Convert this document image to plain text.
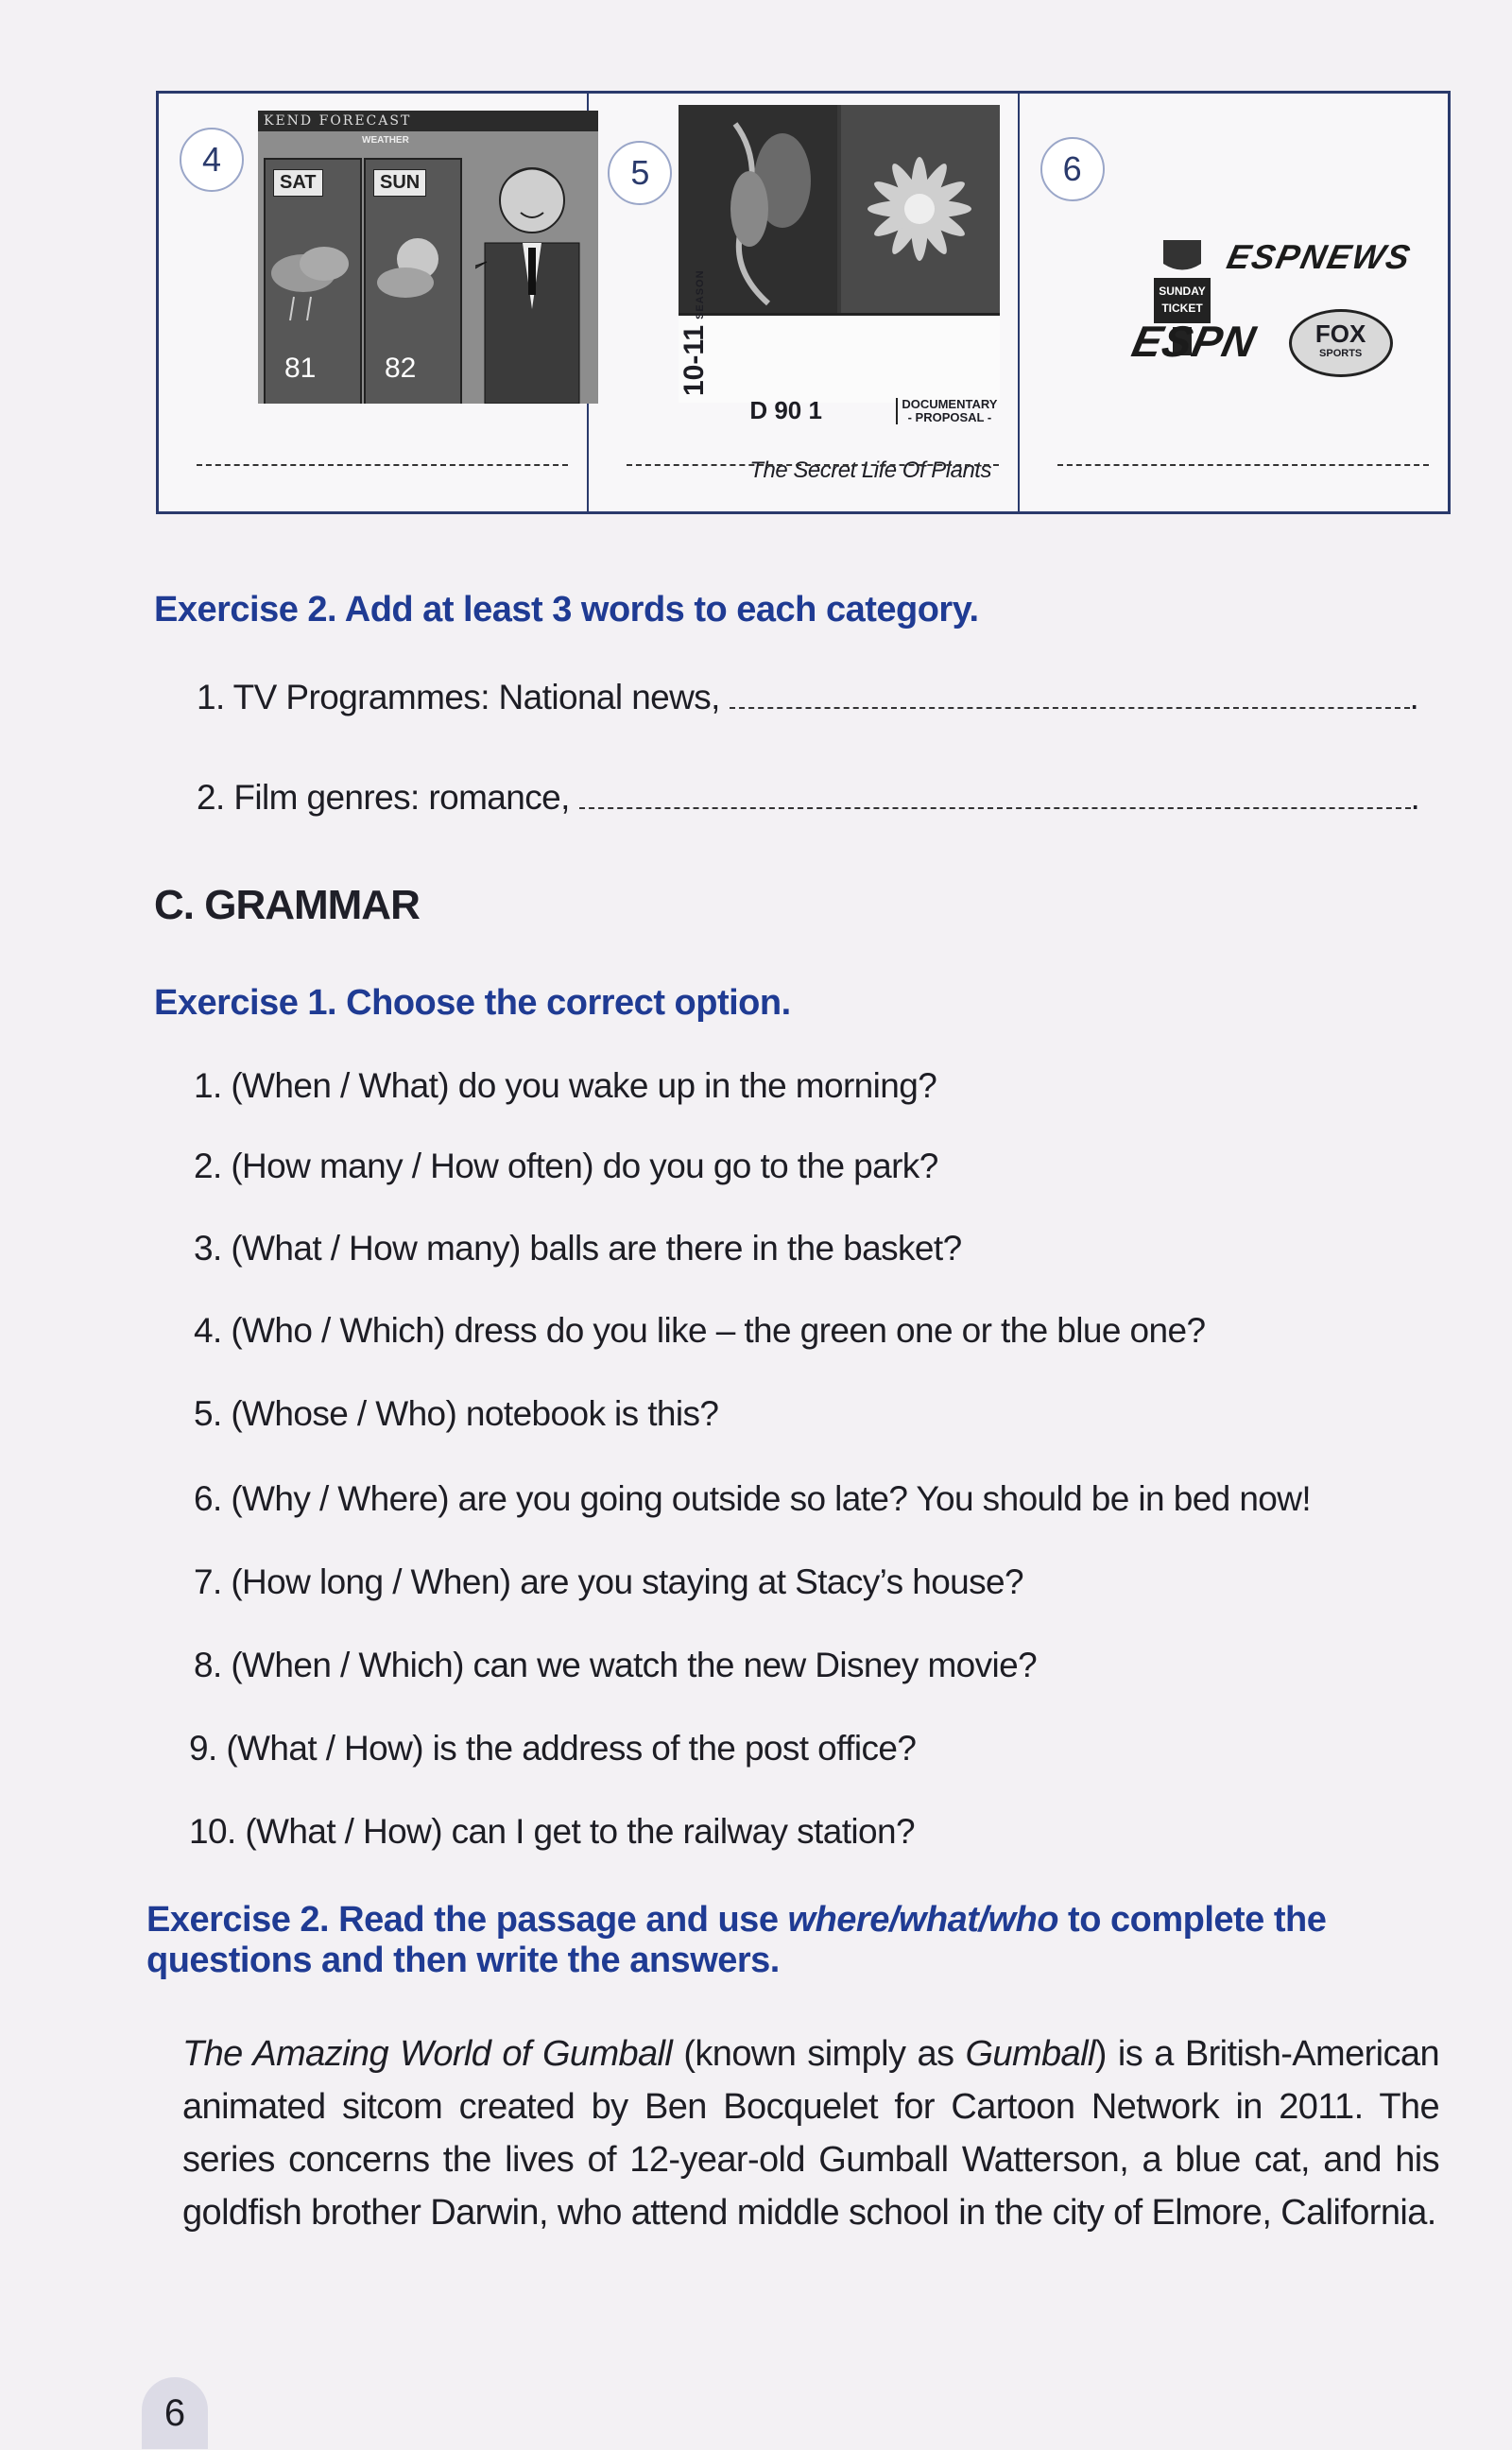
4
KEND FORECAST
WEATHER
SAT
81
SUN
82
5
10-11SEASON
D 90 1	DOCUMENTARY
- PROPOSAL -
The Secret Life Of Plants
6
SUNDAY
TICKET
ESPNEWS
ESPN	FOX
SPORTS
Exercise 2. Add at least 3 words to each category.
1. TV Programmes: National news,	.
2. Film genres: romance,	.
C. GRAMMAR
Exercise 1. Choose the correct option.
1. (When / What) do you wake up in the morning?
2. (How many / How often) do you go to the park?
3. (What / How many) balls are there in the basket?
4. (Who / Which) dress do you like – the green one or the blue one?
5. (Whose / Who) notebook is this?
6. (Why / Where) are you going outside so late? You should be in bed now!
7. (How long / When) are you staying at Stacy’s house?
8. (When / Which) can we watch the new Disney movie?
9. (What / How) is the address of the post office?
10. (What / How) can I get to the railway station?
Exercise 2. Read the passage and use where/what/who to complete the
questions and then write the answers.
The Amazing World of Gumball (known simply as Gumball) is a British-American animated sitcom created by Ben Bocquelet for Cartoon Network in 2011. The series concerns the lives of 12-year-old Gumball Watterson, a blue cat, and his goldfish brother Darwin, who attend middle school in the city of Elmore, California.
6
